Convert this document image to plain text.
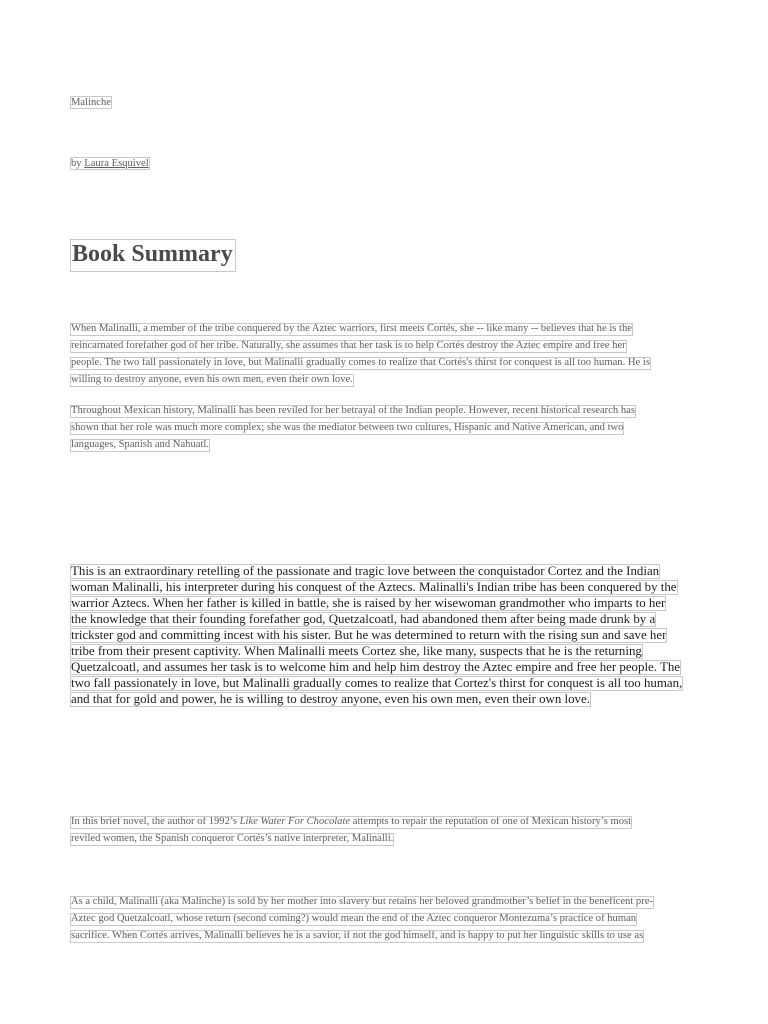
Malinche
by Laura Esquivel
Book Summary
When Malinalli, a member of the tribe conquered by the Aztec warriors, first meets Cortés, she -- like many -- believes that he is the
reincarnated forefather god of her tribe. Naturally, she assumes that her task is to help Cortés destroy the Aztec empire and free her
people. The two fall passionately in love, but Malinalli gradually comes to realize that Cortés's thirst for conquest is all too human. He is
willing to destroy anyone, even his own men, even their own love.
Throughout Mexican history, Malinalli has been reviled for her betrayal of the Indian people. However, recent historical research has
shown that her role was much more complex; she was the mediator between two cultures, Hispanic and Native American, and two
languages, Spanish and Nahuatl.
This is an extraordinary retelling of the passionate and tragic love between the conquistador Cortez and the Indian
woman Malinalli, his interpreter during his conquest of the Aztecs. Malinalli's Indian tribe has been conquered by the
warrior Aztecs. When her father is killed in battle, she is raised by her wisewoman grandmother who imparts to her
the knowledge that their founding forefather god, Quetzalcoatl, had abandoned them after being made drunk by a
trickster god and committing incest with his sister. But he was determined to return with the rising sun and save her
tribe from their present captivity. When Malinalli meets Cortez she, like many, suspects that he is the returning
Quetzalcoatl, and assumes her task is to welcome him and help him destroy the Aztec empire and free her people. The
two fall passionately in love, but Malinalli gradually comes to realize that Cortez's thirst for conquest is all too human,
and that for gold and power, he is willing to destroy anyone, even his own men, even their own love.
In this brief novel, the author of 1992’s Like Water For Chocolate attempts to repair the reputation of one of Mexican history’s most
reviled women, the Spanish conqueror Cortés’s native interpreter, Malinalli.
As a child, Malinalli (aka Malinche) is sold by her mother into slavery but retains her beloved grandmother’s belief in the beneficent pre-
Aztec god Quetzalcoatl, whose return (second coming?) would mean the end of the Aztec conqueror Montezuma’s practice of human
sacrifice. When Cortés arrives, Malinalli believes he is a savior, if not the god himself, and is happy to put her linguistic skills to use as
